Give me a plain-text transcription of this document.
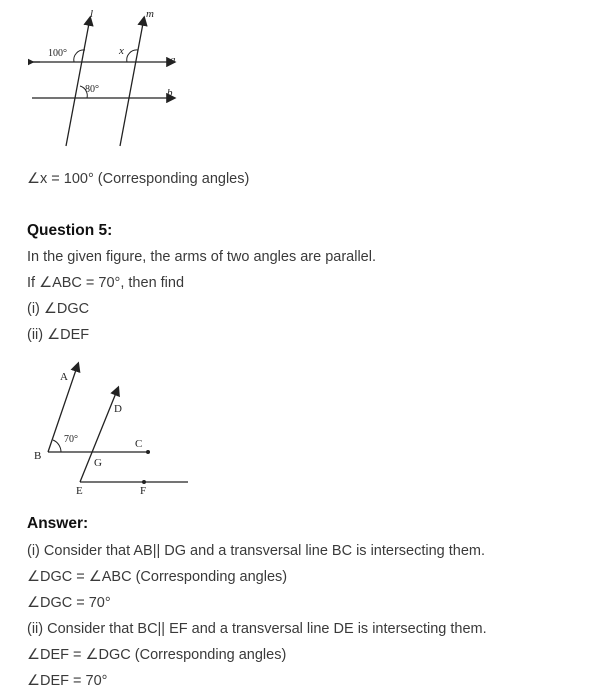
l	m
a
b
x
100°
80°
∠x = 100° (Corresponding angles)
Question 5:
In the given figure, the arms of two angles are parallel.
If ∠ABC = 70°, then find
(i) ∠DGC
(ii) ∠DEF
A
B
C
D
E	F
G
70°
Answer:
(i) Consider that AB|| DG and a transversal line BC is intersecting them.
∠DGC = ∠ABC (Corresponding angles)
∠DGC = 70°
(ii) Consider that BC|| EF and a transversal line DE is intersecting them.
∠DEF = ∠DGC (Corresponding angles)
∠DEF = 70°
